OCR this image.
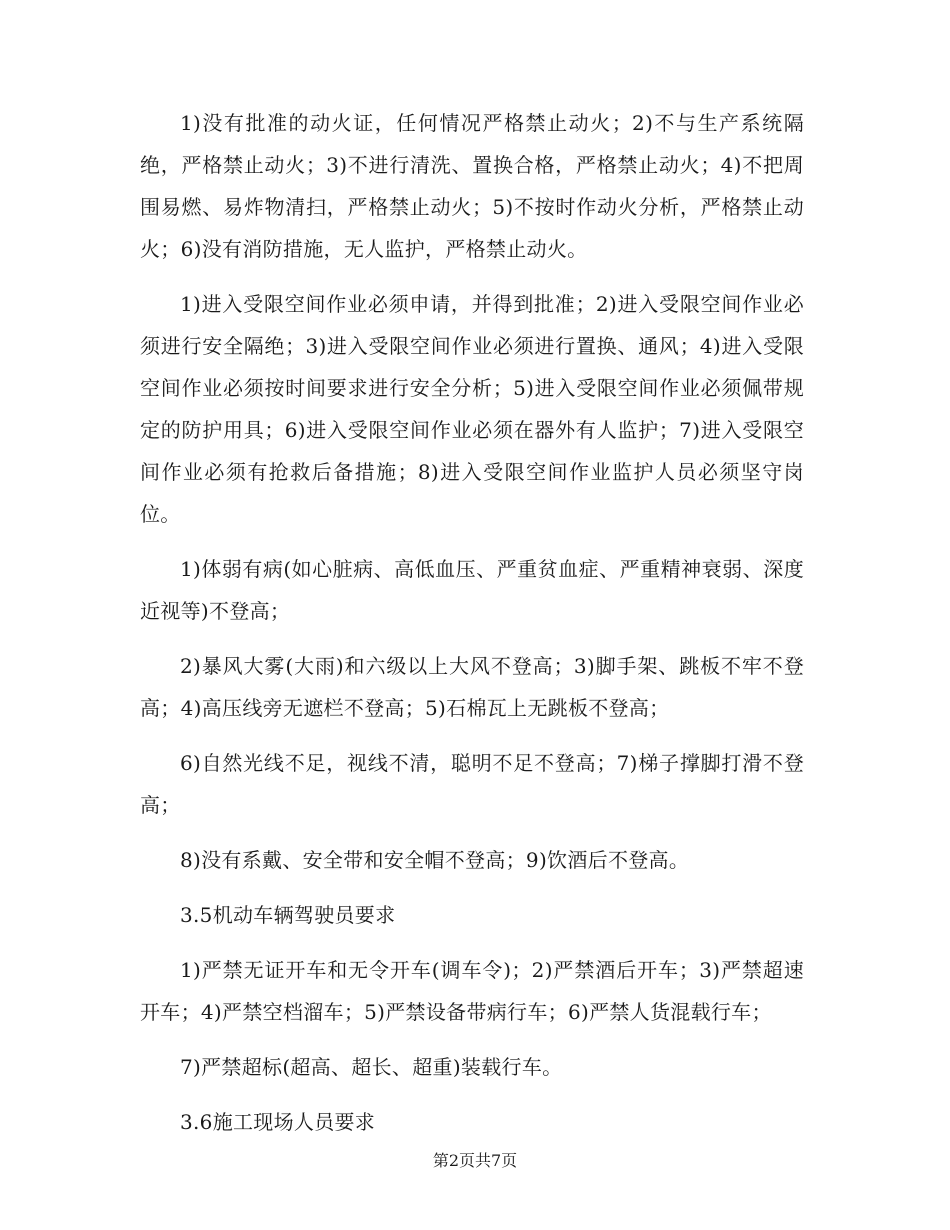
1)没有批准的动火证，任何情况严格禁止动火；2)不与生产系统隔绝，严格禁止动火；3)不进行清洗、置换合格，严格禁止动火；4)不把周围易燃、易炸物清扫，严格禁止动火；5)不按时作动火分析，严格禁止动火；6)没有消防措施，无人监护，严格禁止动火。

1)进入受限空间作业必须申请，并得到批准；2)进入受限空间作业必须进行安全隔绝；3)进入受限空间作业必须进行置换、通风；4)进入受限空间作业必须按时间要求进行安全分析；5)进入受限空间作业必须佩带规定的防护用具；6)进入受限空间作业必须在器外有人监护；7)进入受限空间作业必须有抢救后备措施；8)进入受限空间作业监护人员必须坚守岗位。

1)体弱有病(如心脏病、高低血压、严重贫血症、严重精神衰弱、深度近视等)不登高；

2)暴风大雾(大雨)和六级以上大风不登高；3)脚手架、跳板不牢不登高；4)高压线旁无遮栏不登高；5)石棉瓦上无跳板不登高；

6)自然光线不足，视线不清，聪明不足不登高；7)梯子撑脚打滑不登高；

8)没有系戴、安全带和安全帽不登高；9)饮酒后不登高。

3.5机动车辆驾驶员要求

1)严禁无证开车和无令开车(调车令)；2)严禁酒后开车；3)严禁超速开车；4)严禁空档溜车；5)严禁设备带病行车；6)严禁人货混载行车；

7)严禁超标(超高、超长、超重)装载行车。

3.6施工现场人员要求

第2页共7页
